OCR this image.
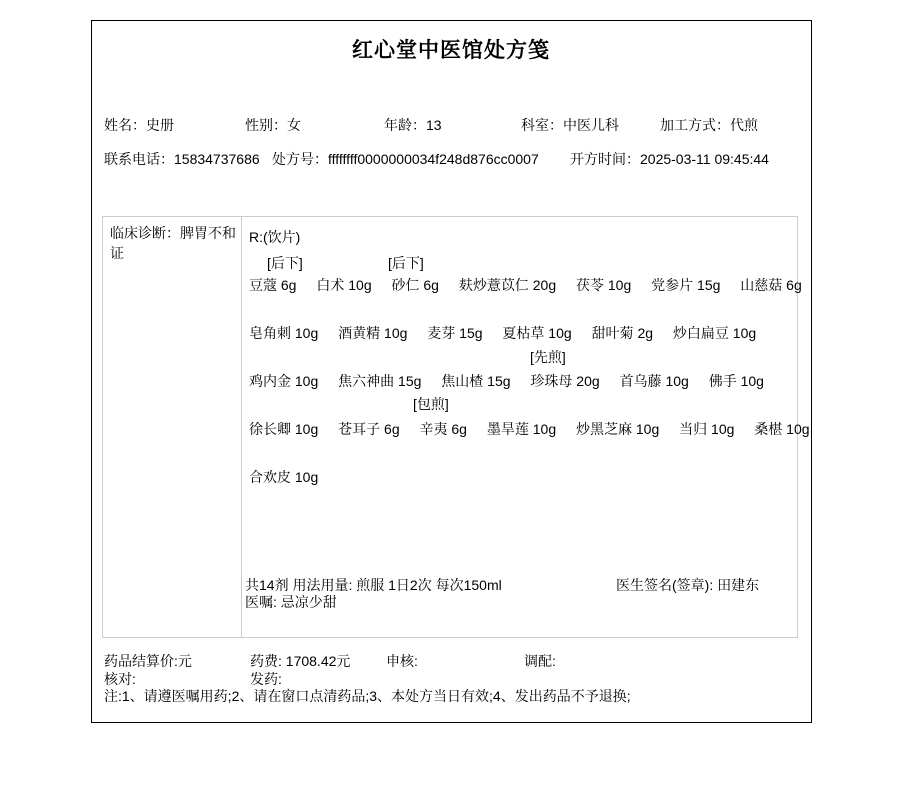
红心堂中医馆处方笺
姓名：史册	性别：女	年龄：13	科室：中医儿科	加工方式：代煎
联系电话：15834737686 处方号：ffffffff0000000034f248d876cc0007 开方时间：2025-03-11 09:45:44
临床诊断：脾胃不和证
R:(饮片)
[后下]	[后下]
豆蔻 6g 白术 10g 砂仁 6g 麸炒薏苡仁 20g 茯苓 10g 党参片 15g 山慈菇 6g
皂角刺 10g 酒黄精 10g 麦芽 15g 夏枯草 10g 甜叶菊 2g 炒白扁豆 10g
[先煎]
鸡内金 10g 焦六神曲 15g 焦山楂 15g 珍珠母 20g 首乌藤 10g 佛手 10g
[包煎]
徐长卿 10g 苍耳子 6g 辛夷 6g 墨旱莲 10g 炒黑芝麻 10g 当归 10g 桑椹 10g
合欢皮 10g
共14剂 用法用量: 煎服 1日2次 每次150ml	医生签名(签章): 田建东
医嘱: 忌凉少甜
药品结算价:元	药费: 1708.42元	申核:	调配:
核对:	发药:
注:1、请遵医嘱用药;2、请在窗口点清药品;3、本处方当日有效;4、发出药品不予退换;
